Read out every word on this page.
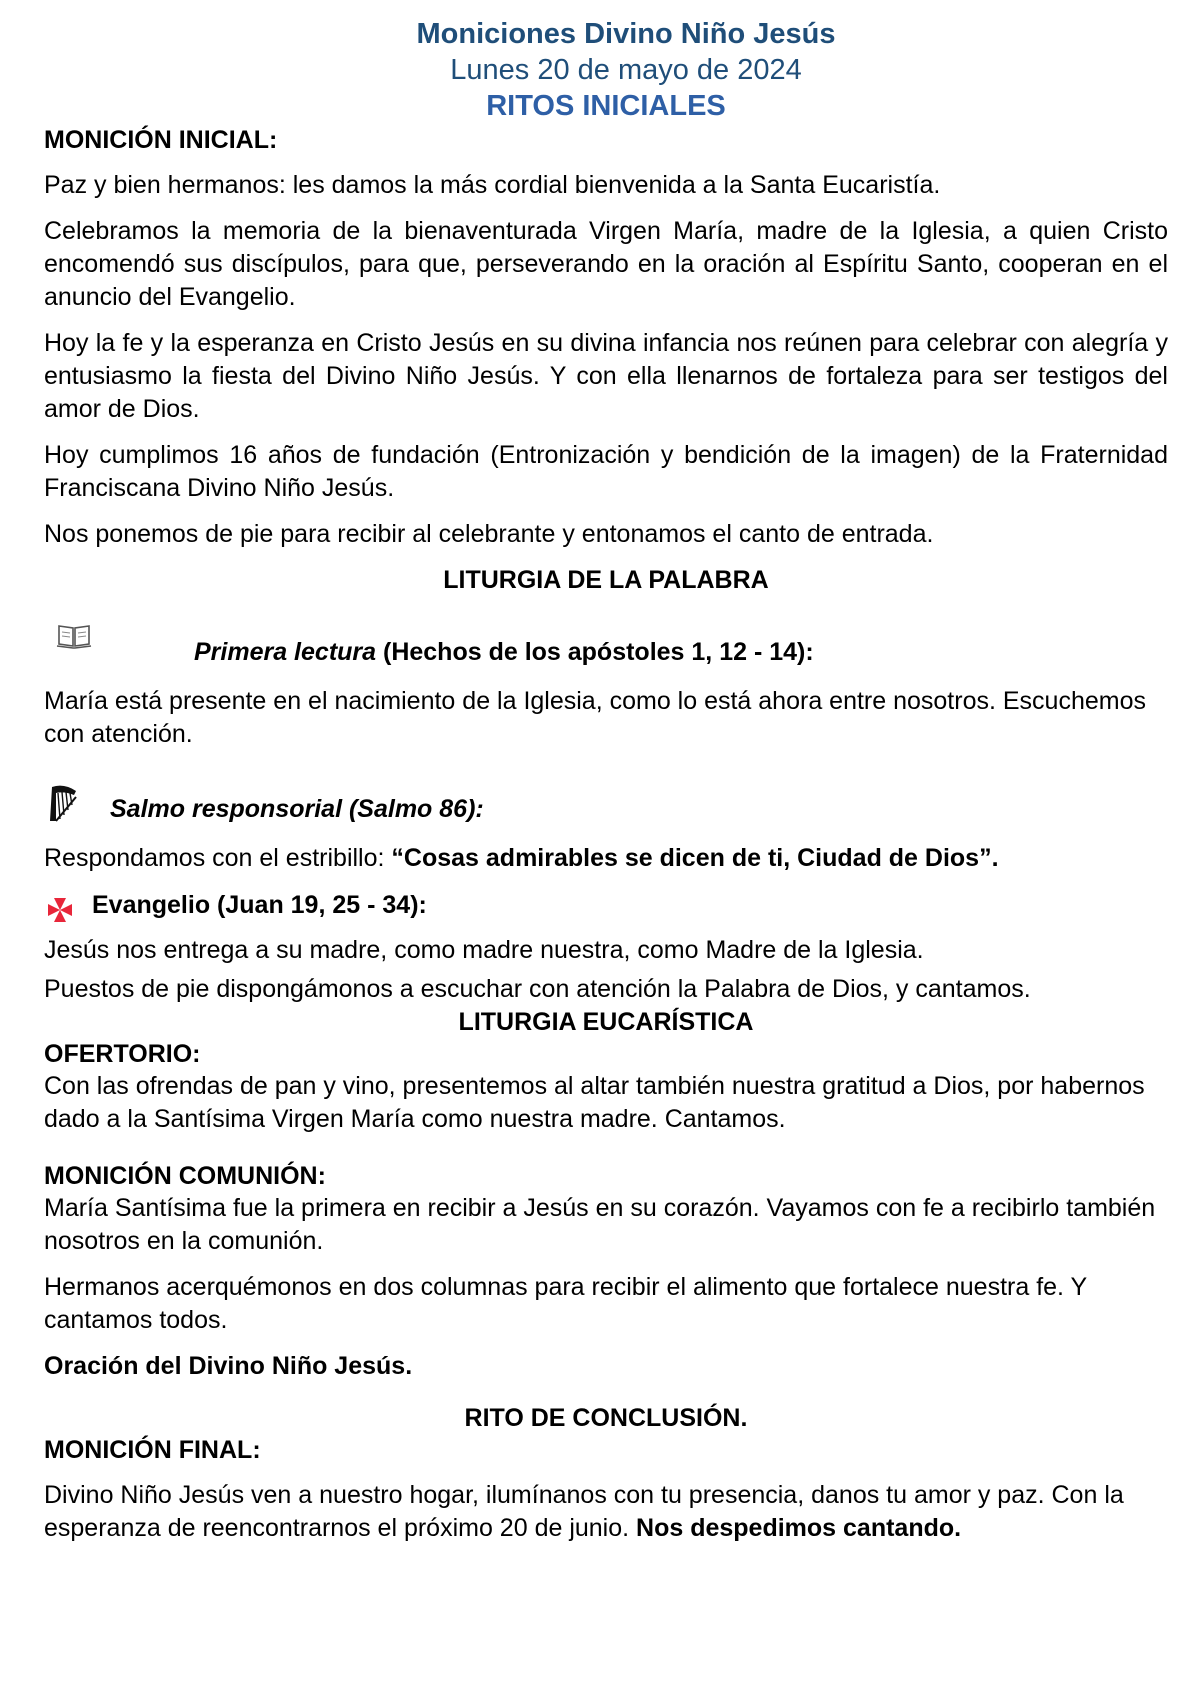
Moniciones Divino Niño Jesús
Lunes 20 de mayo de 2024
RITOS INICIALES
MONICIÓN INICIAL:

Paz y bien hermanos: les damos la más cordial bienvenida a la Santa Eucaristía.

Celebramos la memoria de la bienaventurada Virgen María, madre de la Iglesia, a quien Cristo encomendó sus discípulos, para que, perseverando en la oración al Espíritu Santo, cooperan en el anuncio del Evangelio.

Hoy la fe y la esperanza en Cristo Jesús en su divina infancia nos reúnen para celebrar con alegría y entusiasmo la fiesta del Divino Niño Jesús. Y con ella llenarnos de fortaleza para ser testigos del amor de Dios.

Hoy cumplimos 16 años de fundación (Entronización y bendición de la imagen) de la Fraternidad Franciscana Divino Niño Jesús.

Nos ponemos de pie para recibir al celebrante y entonamos el canto de entrada.

LITURGIA DE LA PALABRA
Primera lectura (Hechos de los apóstoles 1, 12 - 14):

María está presente en el nacimiento de la Iglesia, como lo está ahora entre nosotros. Escuchemos con atención.

Salmo responsorial (Salmo 86):

Respondamos con el estribillo: “Cosas admirables se dicen de ti, Ciudad de Dios”.

Evangelio (Juan 19, 25 - 34):

Jesús nos entrega a su madre, como madre nuestra, como Madre de la Iglesia.

Puestos de pie dispongámonos a escuchar con atención la Palabra de Dios, y cantamos.

LITURGIA EUCARÍSTICA
OFERTORIO:

Con las ofrendas de pan y vino, presentemos al altar también nuestra gratitud a Dios, por habernos dado a la Santísima Virgen María como nuestra madre. Cantamos.

MONICIÓN COMUNIÓN:

María Santísima fue la primera en recibir a Jesús en su corazón. Vayamos con fe a recibirlo también nosotros en la comunión.

Hermanos acerquémonos en dos columnas para recibir el alimento que fortalece nuestra fe. Y cantamos todos.

Oración del Divino Niño Jesús.
RITO DE CONCLUSIÓN.
MONICIÓN FINAL:

Divino Niño Jesús ven a nuestro hogar, ilumínanos con tu presencia, danos tu amor y paz. Con la esperanza de reencontrarnos el próximo 20 de junio. Nos despedimos cantando.
